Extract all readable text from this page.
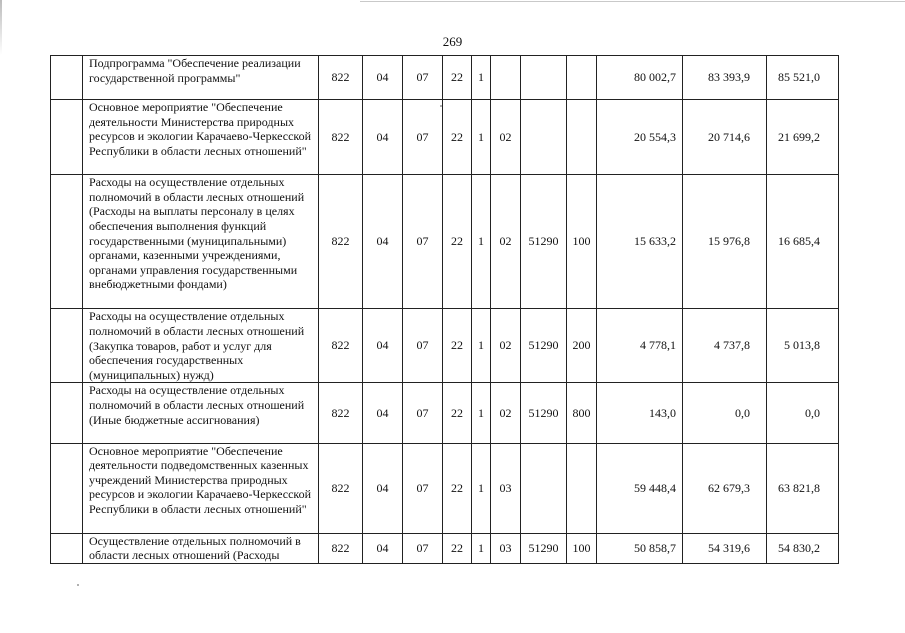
269
	Подпрограмма "Обеспечение реализации государственной программы"	822	04	07	22	1				80 002,7	83 393,9	85 521,0
	Основное мероприятие "Обеспечение деятельности Министерства природных ресурсов и экологии Карачаево-Черкесской Республики в области лесных отношений"	822	04	07	22	1	02			20 554,3	20 714,6	21 699,2
	Расходы на осуществление отдельных полномочий в области лесных отношений (Расходы на выплаты персоналу в целях обеспечения выполнения функций государственными (муниципальными) органами, казенными учреждениями, органами управления государственными внебюджетными фондами)	822	04	07	22	1	02	51290	100	15 633,2	15 976,8	16 685,4
	Расходы на осуществление отдельных полномочий в области лесных отношений (Закупка товаров, работ и услуг для обеспечения государственных (муниципальных) нужд)	822	04	07	22	1	02	51290	200	4 778,1	4 737,8	5 013,8
	Расходы на осуществление отдельных полномочий в области лесных отношений (Иные бюджетные ассигнования)	822	04	07	22	1	02	51290	800	143,0	0,0	0,0
	Основное мероприятие "Обеспечение деятельности подведомственных казенных учреждений Министерства природных ресурсов и экологии Карачаево-Черкесской Республики в области лесных отношений"	822	04	07	22	1	03			59 448,4	62 679,3	63 821,8
	Осуществление отдельных полномочий в области лесных отношений (Расходы	822	04	07	22	1	03	51290	100	50 858,7	54 319,6	54 830,2
